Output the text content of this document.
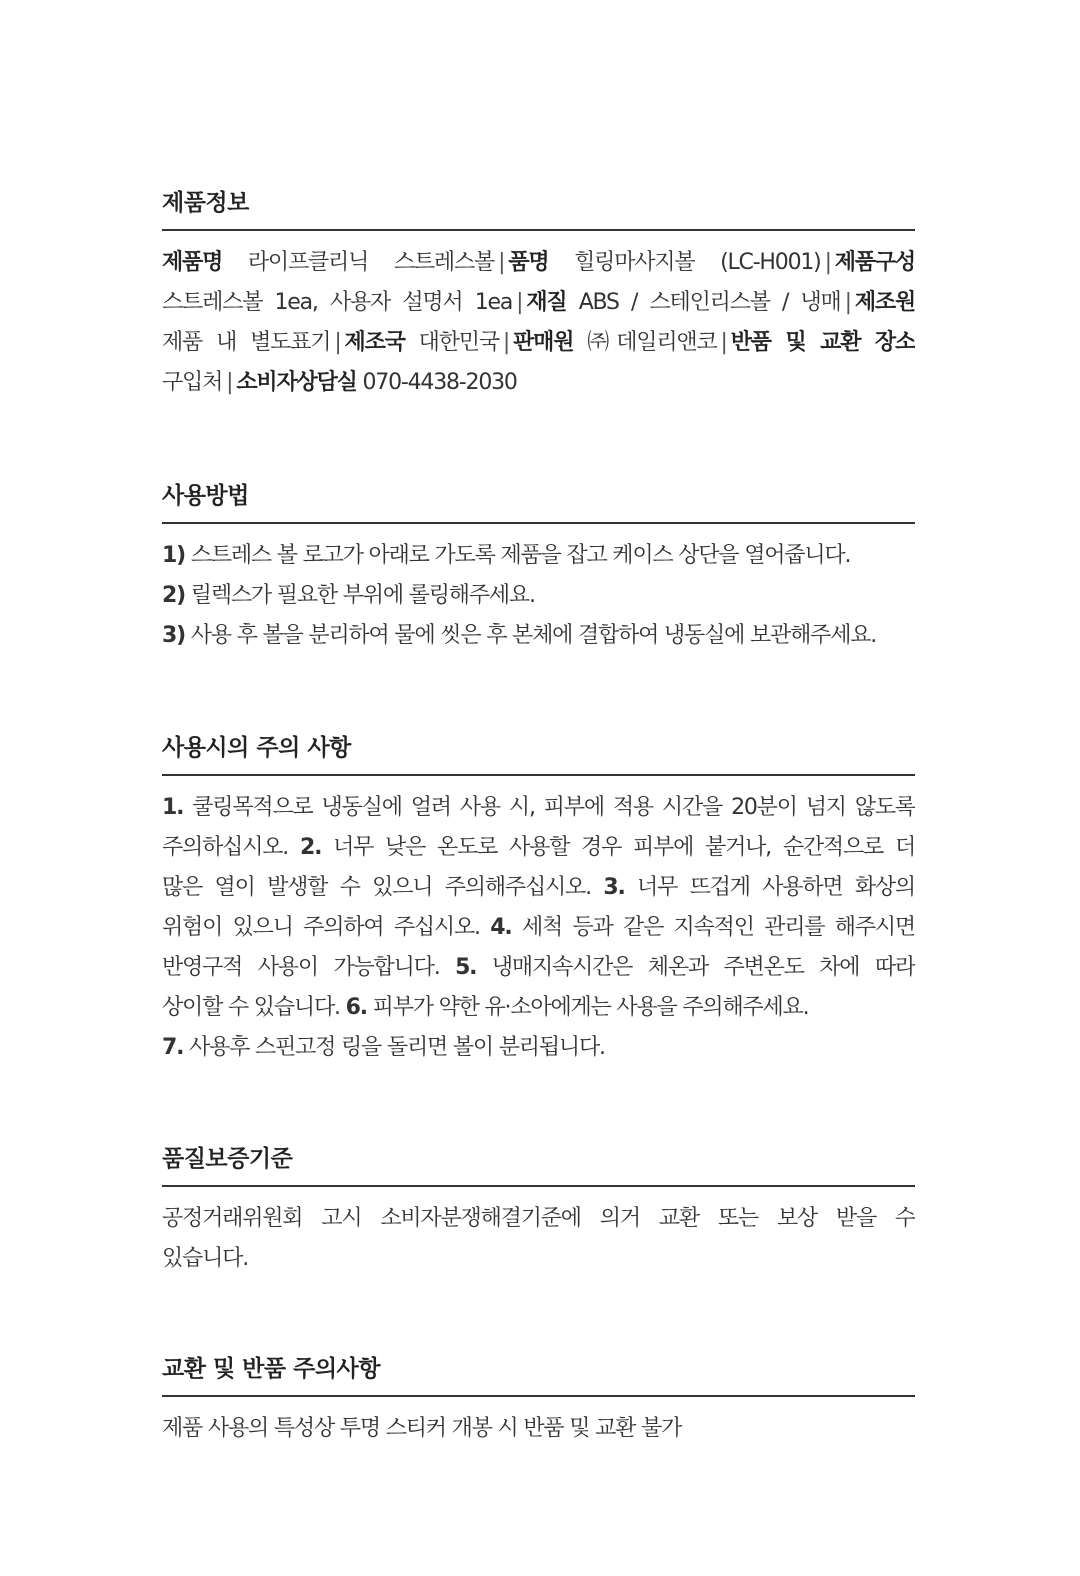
제품정보
제품명 라이프클리닉 스트레스볼 | 품명 힐링마사지볼 (LC-H001) | 제품구성
스트레스볼 1ea, 사용자 설명서 1ea | 재질 ABS / 스테인리스볼 / 냉매 | 제조원
제품 내 별도표기 | 제조국 대한민국 | 판매원 ㈜데일리앤코 | 반품 및 교환 장소
구입처 | 소비자상담실 070-4438-2030
사용방법
1) 스트레스 볼 로고가 아래로 가도록 제품을 잡고 케이스 상단을 열어줍니다.
2) 릴렉스가 필요한 부위에 롤링해주세요.
3) 사용 후 볼을 분리하여 물에 씻은 후 본체에 결합하여 냉동실에 보관해주세요.
사용시의 주의 사항
1. 쿨링목적으로 냉동실에 얼려 사용 시, 피부에 적용 시간을 20분이 넘지 않도록
주의하십시오. 2. 너무 낮은 온도로 사용할 경우 피부에 붙거나, 순간적으로 더
많은 열이 발생할 수 있으니 주의해주십시오. 3. 너무 뜨겁게 사용하면 화상의
위험이 있으니 주의하여 주십시오. 4. 세척 등과 같은 지속적인 관리를 해주시면
반영구적 사용이 가능합니다. 5. 냉매지속시간은 체온과 주변온도 차에 따라
상이할 수 있습니다. 6. 피부가 약한 유·소아에게는 사용을 주의해주세요.
7. 사용후 스핀고정 링을 돌리면 볼이 분리됩니다.
품질보증기준
공정거래위원회 고시 소비자분쟁해결기준에 의거 교환 또는 보상 받을 수
있습니다.
교환 및 반품 주의사항
제품 사용의 특성상 투명 스티커 개봉 시 반품 및 교환 불가
